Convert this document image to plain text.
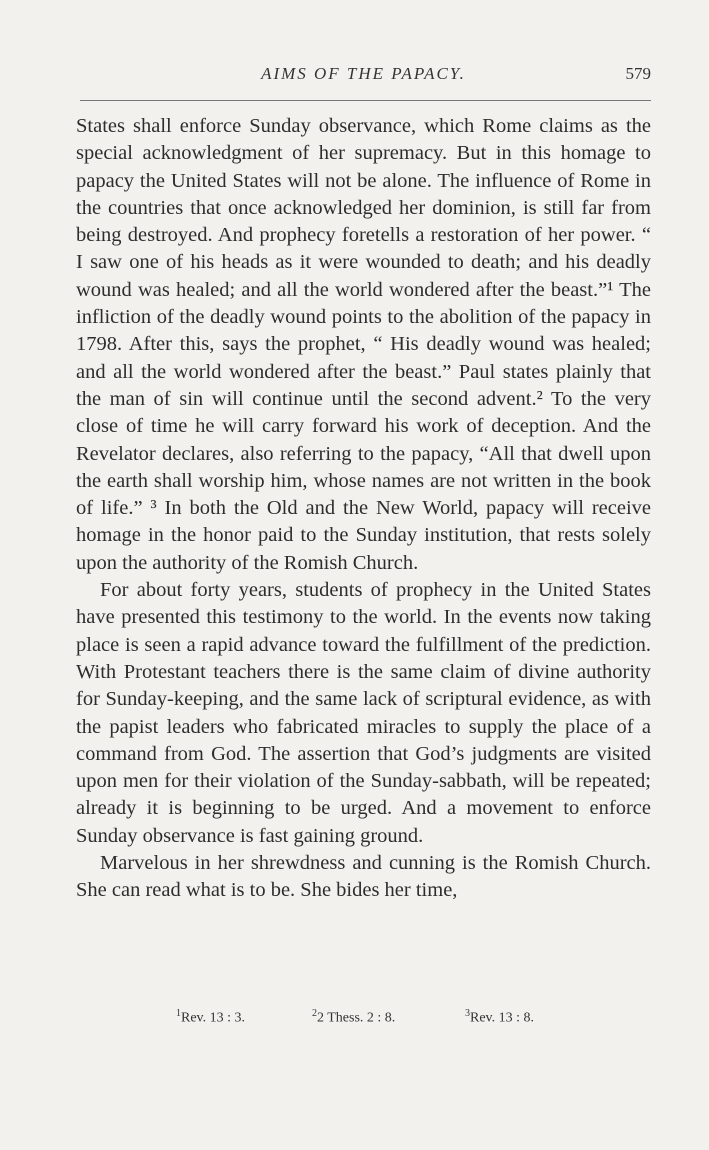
AIMS OF THE PAPACY.	579

States shall enforce Sunday observance, which Rome claims as the special acknowledgment of her supremacy. But in this homage to papacy the United States will not be alone. The influence of Rome in the countries that once acknowledged her dominion, is still far from being destroyed. And prophecy foretells a restoration of her power. “ I saw one of his heads as it were wounded to death; and his deadly wound was healed; and all the world wondered after the beast.”¹ The infliction of the deadly wound points to the abolition of the papacy in 1798. After this, says the prophet, “ His deadly wound was healed; and all the world wondered after the beast.” Paul states plainly that the man of sin will continue until the second advent.² To the very close of time he will carry forward his work of deception. And the Revelator declares, also referring to the papacy, “All that dwell upon the earth shall worship him, whose names are not written in the book of life.” ³ In both the Old and the New World, papacy will receive homage in the honor paid to the Sunday institution, that rests solely upon the authority of the Romish Church.

For about forty years, students of prophecy in the United States have presented this testimony to the world. In the events now taking place is seen a rapid advance toward the fulfillment of the prediction. With Protestant teachers there is the same claim of divine authority for Sunday-keeping, and the same lack of scriptural evidence, as with the papist leaders who fabricated miracles to supply the place of a command from God. The assertion that God’s judgments are visited upon men for their violation of the Sunday-sabbath, will be repeated; already it is beginning to be urged. And a movement to enforce Sunday observance is fast gaining ground.

Marvelous in her shrewdness and cunning is the Romish Church. She can read what is to be. She bides her time,

$^1$Rev. 13 : 3.	$^2$2 Thess. 2 : 8.	$^3$Rev. 13 : 8.
